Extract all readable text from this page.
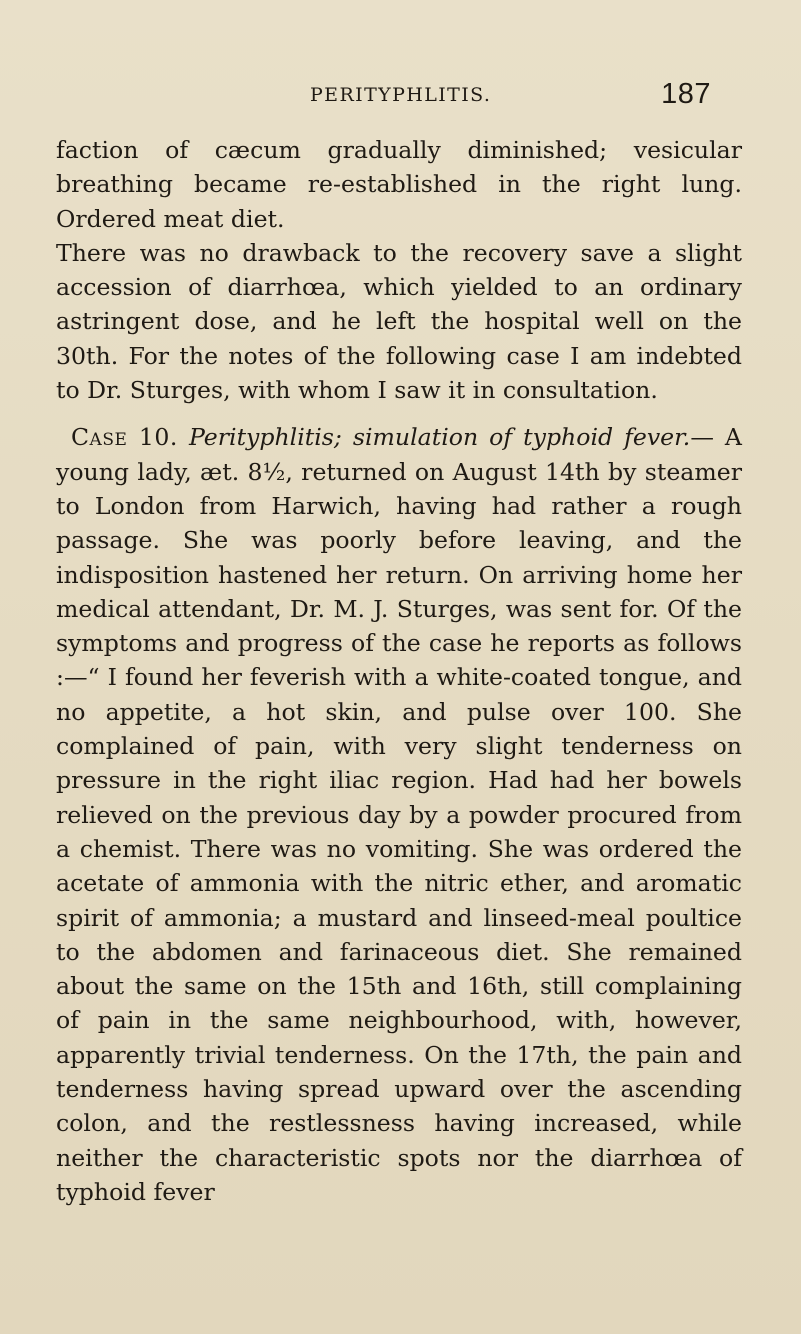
PERITYPHLITIS.	187

faction of cæcum gradually diminished; vesicular breathing became re-established in the right lung. Ordered meat diet.

There was no drawback to the recovery save a slight accession of diarrhœa, which yielded to an ordinary astringent dose, and he left the hospital well on the 30th. For the notes of the following case I am indebted to Dr. Sturges, with whom I saw it in consultation.

Case 10. Perityphlitis; simulation of typhoid fever.— A young lady, æt. 8½, returned on August 14th by steamer to London from Harwich, having had rather a rough passage. She was poorly before leaving, and the indisposition hastened her return. On arriving home her medical attendant, Dr. M. J. Sturges, was sent for. Of the symptoms and progress of the case he reports as follows :—“ I found her feverish with a white-coated tongue, and no appetite, a hot skin, and pulse over 100. She complained of pain, with very slight tenderness on pressure in the right iliac region. Had had her bowels relieved on the previous day by a powder procured from a chemist. There was no vomiting. She was ordered the acetate of ammonia with the nitric ether, and aromatic spirit of ammonia; a mustard and linseed-meal poultice to the abdomen and farinaceous diet. She remained about the same on the 15th and 16th, still complaining of pain in the same neighbourhood, with, however, apparently trivial tenderness. On the 17th, the pain and tenderness having spread upward over the ascending colon, and the restlessness having increased, while neither the characteristic spots nor the diarrhœa of typhoid fever
